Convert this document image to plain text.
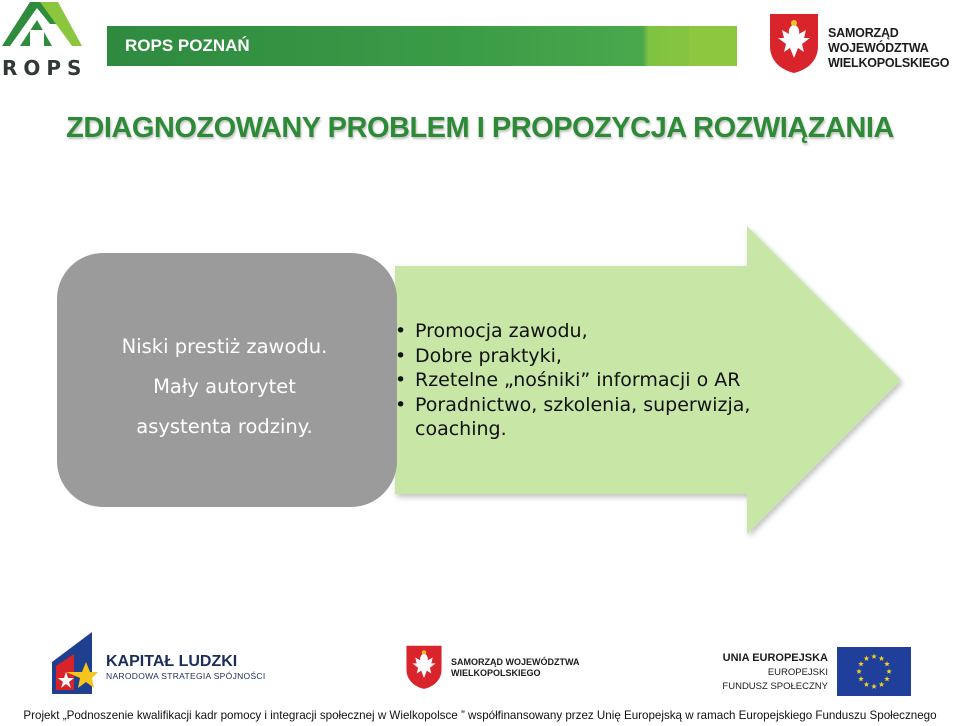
ROPS
ROPS POZNAŃ
SAMORZĄD WOJEWÓDZTWA
WIELKOPOLSKIEGO
ZDIAGNOZOWANY PROBLEM I PROPOZYCJA ROZWIĄZANIA
Niski prestiż zawodu.
Mały autorytet
asystenta rodziny.
• Promocja zawodu,
• Dobre praktyki,
• Rzetelne „nośniki” informacji o AR
• Poradnictwo, szkolenia, superwizja, coaching.
KAPITAŁ LUDZKI
NARODOWA STRATEGIA SPÓJNOŚCI
SAMORZĄD WOJEWÓDZTWA
WIELKOPOLSKIEGO
UNIA EUROPEJSKA
EUROPEJSKI
FUNDUSZ SPOŁECZNY
Projekt „Podnoszenie kwalifikacji kadr pomocy i integracji społecznej w Wielkopolsce ” współfinansowany przez Unię Europejską w ramach Europejskiego Funduszu Społecznego
